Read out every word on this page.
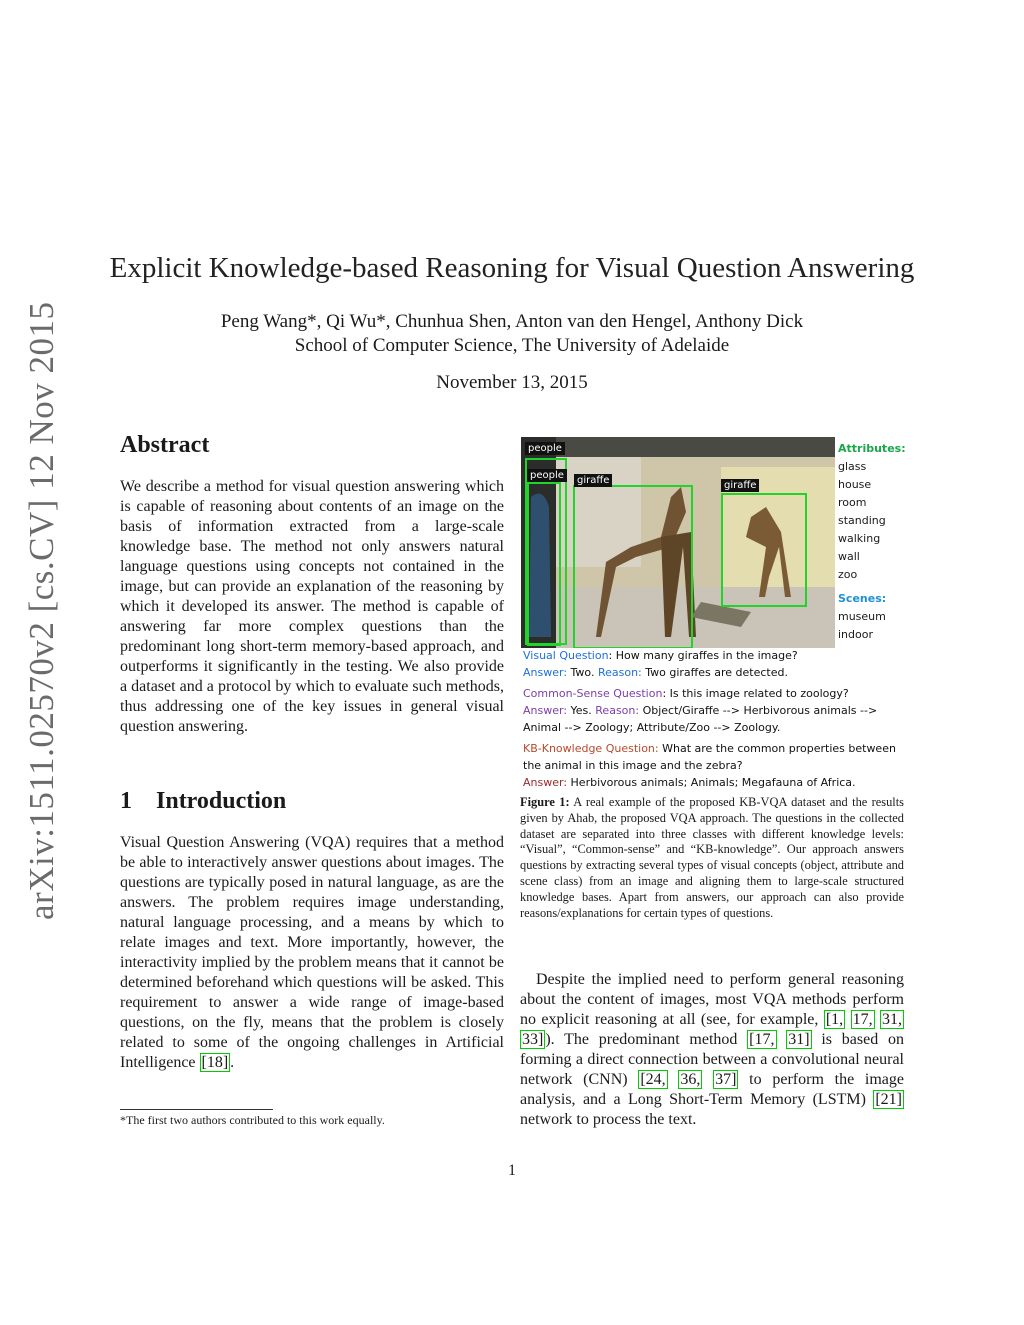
arXiv:1511.02570v2 [cs.CV] 12 Nov 2015
Explicit Knowledge-based Reasoning for Visual Question Answering
Peng Wang*, Qi Wu*, Chunhua Shen, Anton van den Hengel, Anthony Dick
School of Computer Science, The University of Adelaide
November 13, 2015
Abstract
We describe a method for visual question answering which is capable of reasoning about contents of an image on the basis of information extracted from a large-scale knowledge base. The method not only answers natural language questions using concepts not contained in the image, but can provide an explanation of the reasoning by which it developed its answer. The method is capable of answering far more complex questions than the predominant long short-term memory-based approach, and outperforms it significantly in the testing. We also provide a dataset and a protocol by which to evaluate such methods, thus addressing one of the key issues in general visual question answering.
1 Introduction
Visual Question Answering (VQA) requires that a method be able to interactively answer questions about images. The questions are typically posed in natural language, as are the answers. The problem requires image understanding, natural language processing, and a means by which to relate images and text. More importantly, however, the interactivity implied by the problem means that it cannot be determined beforehand which questions will be asked. This requirement to answer a wide range of image-based questions, on the fly, means that the problem is closely related to some of the ongoing challenges in Artificial Intelligence [18] .
*The first two authors contributed to this work equally.
people
people	giraffe	giraffe
Attributes:
glass
house
room
standing
walking
wall
zoo
Scenes:
museum
indoor
Visual Question: How many giraffes in the image?
Answer: Two. Reason: Two giraffes are detected.
Common-Sense Question: Is this image related to zoology?
Answer: Yes. Reason: Object/Giraffe --> Herbivorous animals -->
Animal --> Zoology; Attribute/Zoo --> Zoology.
KB-Knowledge Question: What are the common properties between
the animal in this image and the zebra?
Answer: Herbivorous animals; Animals; Megafauna of Africa.
Figure 1: A real example of the proposed KB-VQA dataset and the results given by Ahab, the proposed VQA approach. The questions in the collected dataset are separated into three classes with different knowledge levels: “Visual”, “Common-sense” and “KB-knowledge”. Our approach answers questions by extracting several types of visual concepts (object, attribute and scene class) from an image and aligning them to large-scale structured knowledge bases. Apart from answers, our approach can also provide reasons/explanations for certain types of questions.
Despite the implied need to perform general reasoning about the content of images, most VQA methods perform no explicit reasoning at all (see, for example, [1, 17, 31, 33] ). The predominant method [17, 31] is based on forming a direct connection between a convolutional neural network (CNN) [24, 36, 37] to perform the image analysis, and a Long Short-Term Memory (LSTM) [21] network to process the text.
1
